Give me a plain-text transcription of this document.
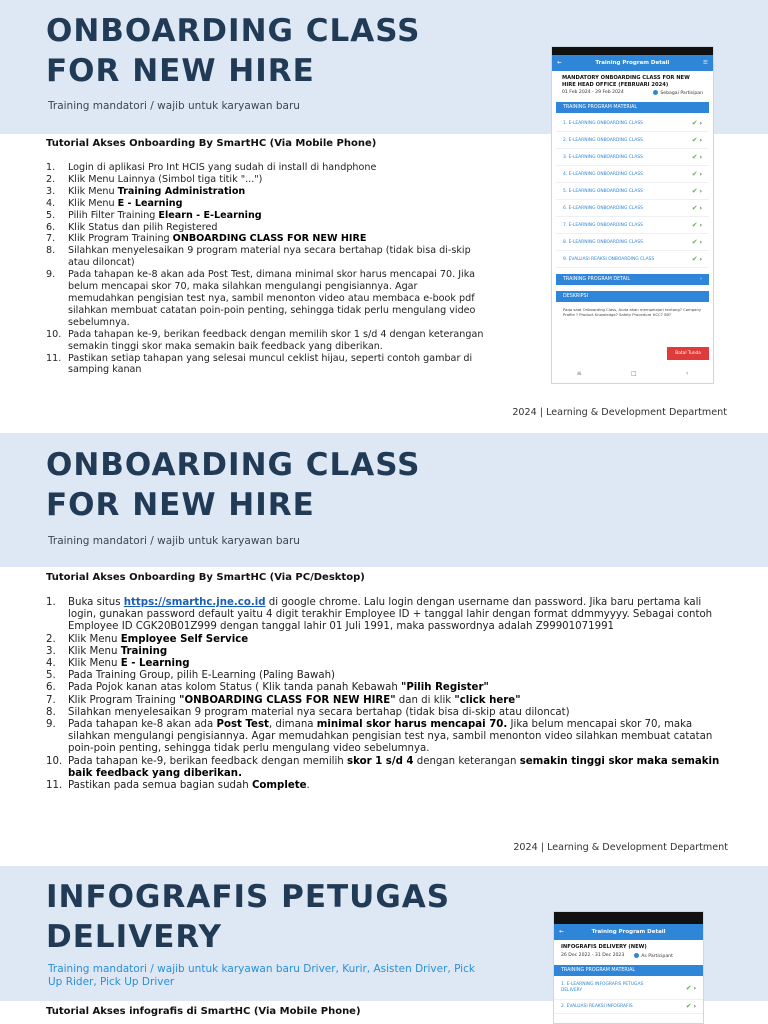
ONBOARDING CLASS
FOR NEW HIRE
Training mandatori / wajib untuk karyawan baru
Tutorial Akses Onboarding By SmartHC (Via Mobile Phone)
1. Login di aplikasi Pro Int HCIS yang sudah di install di handphone
2. Klik Menu Lainnya (Simbol tiga titik "...")
3. Klik Menu Training Administration
4. Klik Menu E - Learning
5. Pilih Filter Training Elearn - E-Learning
6. Klik Status dan pilih Registered
7. Klik Program Training ONBOARDING CLASS FOR NEW HIRE
8. Silahkan menyelesaikan 9 program material nya secara bertahap (tidak bisa di-skip atau diloncat)
9. Pada tahapan ke-8 akan ada Post Test, dimana minimal skor harus mencapai 70. Jika belum mencapai skor 70, maka silahkan mengulangi pengisiannya. Agar memudahkan pengisian test nya, sambil menonton video atau membaca e-book pdf silahkan membuat catatan poin-poin penting, sehingga tidak perlu mengulang video sebelumnya.
10. Pada tahapan ke-9, berikan feedback dengan memilih skor 1 s/d 4 dengan keterangan semakin tinggi skor maka semakin baik feedback yang diberikan.
11. Pastikan setiap tahapan yang selesai muncul ceklist hijau, seperti contoh gambar di samping kanan
2024 | Learning & Development Department
←	Training Program Detail	☰
MANDATORY ONBOARDING CLASS FOR NEW HIRE HEAD OFFICE (FEBRUARI 2024)
01 Feb 2024 - 29 Feb 2024	Sebagai Partisipan
TRAINING PROGRAM MATERIAL
1. E-LEARNING ONBOARDING CLASS	✔ ›
2. E-LEARNING ONBOARDING CLASS	✔ ›
3. E-LEARNING ONBOARDING CLASS	✔ ›
4. E-LEARNING ONBOARDING CLASS	✔ ›
5. E-LEARNING ONBOARDING CLASS	✔ ›
6. E-LEARNING ONBOARDING CLASS	✔ ›
7. E-LEARNING ONBOARDING CLASS	✔ ›
8. E-LEARNING ONBOARDING CLASS	✔ ›
9. EVALUASI REAKSI ONBOARDING CLASS	✔ ›
TRAINING PROGRAM DETAIL	›
DESKRIPSI
Pada saat Onboarding Class, Anda akan mempelajari tentang? Company Profile ? Product Knowledge? Safety Procedure HCC? SB?
Batal Tunda
≡	□	‹
ONBOARDING CLASS
FOR NEW HIRE
Training mandatori / wajib untuk karyawan baru
Tutorial Akses Onboarding By SmartHC (Via PC/Desktop)
1. Buka situs https://smarthc.jne.co.id di google chrome. Lalu login dengan username dan password. Jika baru pertama kali login, gunakan password default yaitu 4 digit terakhir Employee ID + tanggal lahir dengan format ddmmyyyy. Sebagai contoh Employee ID CGK20B01Z999 dengan tanggal lahir 01 Juli 1991, maka passwordnya adalah Z99901071991
2. Klik Menu Employee Self Service
3. Klik Menu Training
4. Klik Menu E - Learning
5. Pada Training Group, pilih E-Learning (Paling Bawah)
6. Pada Pojok kanan atas kolom Status ( Klik tanda panah Kebawah "Pilih Register"
7. Klik Program Training "ONBOARDING CLASS FOR NEW HIRE" dan di klik "click here"
8. Silahkan menyelesaikan 9 program material nya secara bertahap (tidak bisa di-skip atau diloncat)
9. Pada tahapan ke-8 akan ada Post Test, dimana minimal skor harus mencapai 70. Jika belum mencapai skor 70, maka silahkan mengulangi pengisiannya. Agar memudahkan pengisian test nya, sambil menonton video silahkan membuat catatan poin-poin penting, sehingga tidak perlu mengulang video sebelumnya.
10. Pada tahapan ke-9, berikan feedback dengan memilih skor 1 s/d 4 dengan keterangan semakin tinggi skor maka semakin baik feedback yang diberikan.
11. Pastikan pada semua bagian sudah Complete.
2024 | Learning & Development Department
INFOGRAFIS PETUGAS
DELIVERY
Training mandatori / wajib untuk karyawan baru Driver, Kurir, Asisten Driver, Pick Up Rider, Pick Up Driver
Tutorial Akses infografis di SmartHC (Via Mobile Phone)
←	Training Program Detail
INFOGRAFIS DELIVERY (NEW)
26 Dec 2022 - 31 Dec 2023	As Participant
TRAINING PROGRAM MATERIAL
1. E-LEARNING INFOGRAFIS PETUGAS DELIVERY	✔ ›
2. EVALUASI REAKSI INFOGRAFIS	✔ ›
